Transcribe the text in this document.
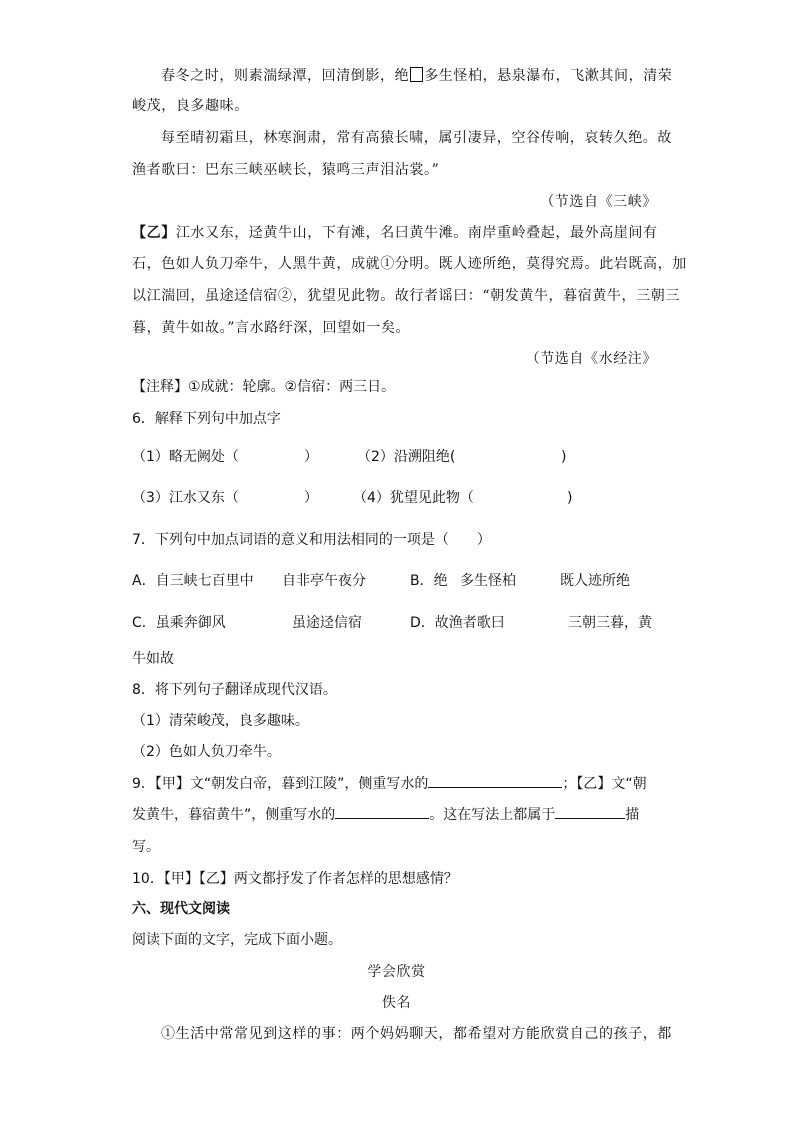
春冬之时，则素湍绿潭，回清倒影，绝 多生怪柏，悬泉瀑布，飞漱其间，清荣
峻茂，良多趣味。
每至晴初霜旦，林寒涧肃，常有高猿长啸，属引凄异，空谷传响，哀转久绝。故
渔者歌曰：巴东三峡巫峡长，猿鸣三声泪沾裳。”
（节选自《三峡》
【乙】江水又东，迳黄牛山，下有滩，名曰黄牛滩。南岸重岭叠起，最外高崖间有
石，色如人负刀牵牛，人黑牛黄，成就①分明。既人迹所绝，莫得究焉。此岩既高，加
以江湍回，虽途迳信宿②，犹望见此物。故行者谣曰：“朝发黄牛，暮宿黄牛，三朝三
暮，黄牛如故。”言水路纡深，回望如一矣。
（节选自《水经注》
【注释】①成就：轮廓。②信宿：两三日。
6．解释下列句中加点字
（1）略无阙处（	）	（2）沿溯阻绝(	)
（3）江水又东（	）	（4）犹望见此物（	)
7．下列句中加点词语的意义和用法相同的一项是（　　）
A．自三峡七百里中 自非亭午夜分	B．绝 多生怪柏	既人迹所绝
C．虽乘奔御风	虽途迳信宿	D．故渔者歌曰	三朝三暮，黄
牛如故
8．将下列句子翻译成现代汉语。
（1）清荣峻茂，良多趣味。
（2）色如人负刀牵牛。
9．【甲】文“朝发白帝，暮到江陵”，侧重写水的	；【乙】文“朝
发黄牛，暮宿黄牛”，侧重写水的	。这在写法上都属于	描
写。
10．【甲】【乙】两文都抒发了作者怎样的思想感情？
六、现代文阅读
阅读下面的文字，完成下面小题。
学会欣赏
佚名
①生活中常常见到这样的事：两个妈妈聊天，都希望对方能欣赏自己的孩子，都
